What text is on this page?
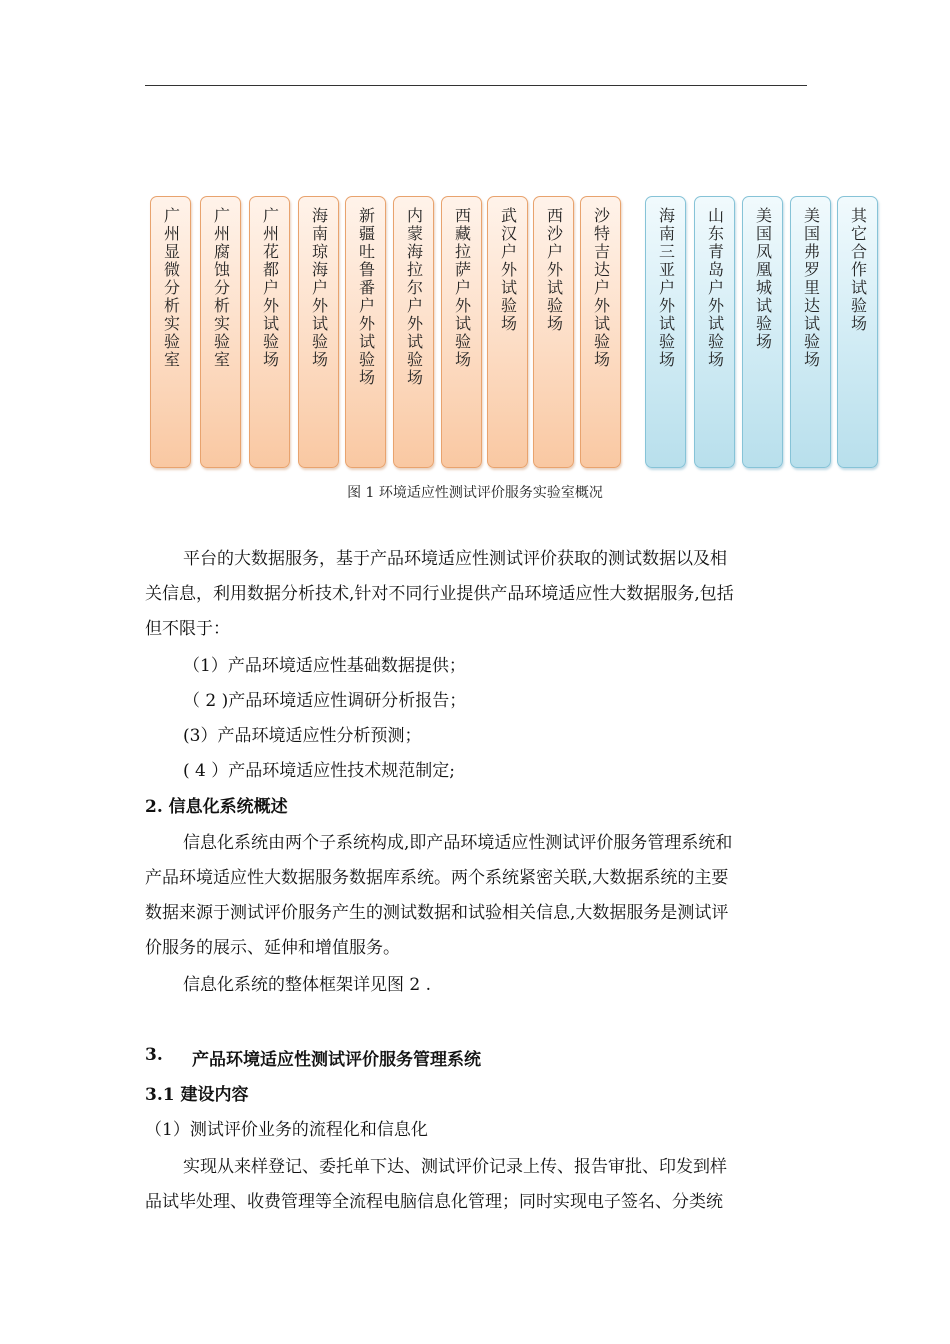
广州显微分析实验室 广州腐蚀分析实验室 广州花都户外试验场 海南琼海户外试验场 新疆吐鲁番户外试验场 内蒙海拉尔户外试验场 西藏拉萨户外试验场 武汉户外试验场 西沙户外试验场 沙特吉达户外试验场	海南三亚户外试验场 山东青岛户外试验场 美国凤凰城试验场 美国弗罗里达试验场 其它合作试验场
图 1 环境适应性测试评价服务实验室概况
平台的大数据服务，基于产品环境适应性测试评价获取的测试数据以及相
关信息，利用数据分析技术,针对不同行业提供产品环境适应性大数据服务,包括
但不限于：
（1）产品环境适应性基础数据提供；
（ 2 )产品环境适应性调研分析报告；
(3）产品环境适应性分析预测；
( 4 ）产品环境适应性技术规范制定;
2. 信息化系统概述
信息化系统由两个子系统构成,即产品环境适应性测试评价服务管理系统和
产品环境适应性大数据服务数据库系统。两个系统紧密关联,大数据系统的主要
数据来源于测试评价服务产生的测试数据和试验相关信息,大数据服务是测试评
价服务的展示、延伸和增值服务。
信息化系统的整体框架详见图 2 .
3. 产品环境适应性测试评价服务管理系统
3.1 建设内容
（1）测试评价业务的流程化和信息化
实现从来样登记、委托单下达、测试评价记录上传、报告审批、印发到样
品试毕处理、收费管理等全流程电脑信息化管理；同时实现电子签名、分类统
